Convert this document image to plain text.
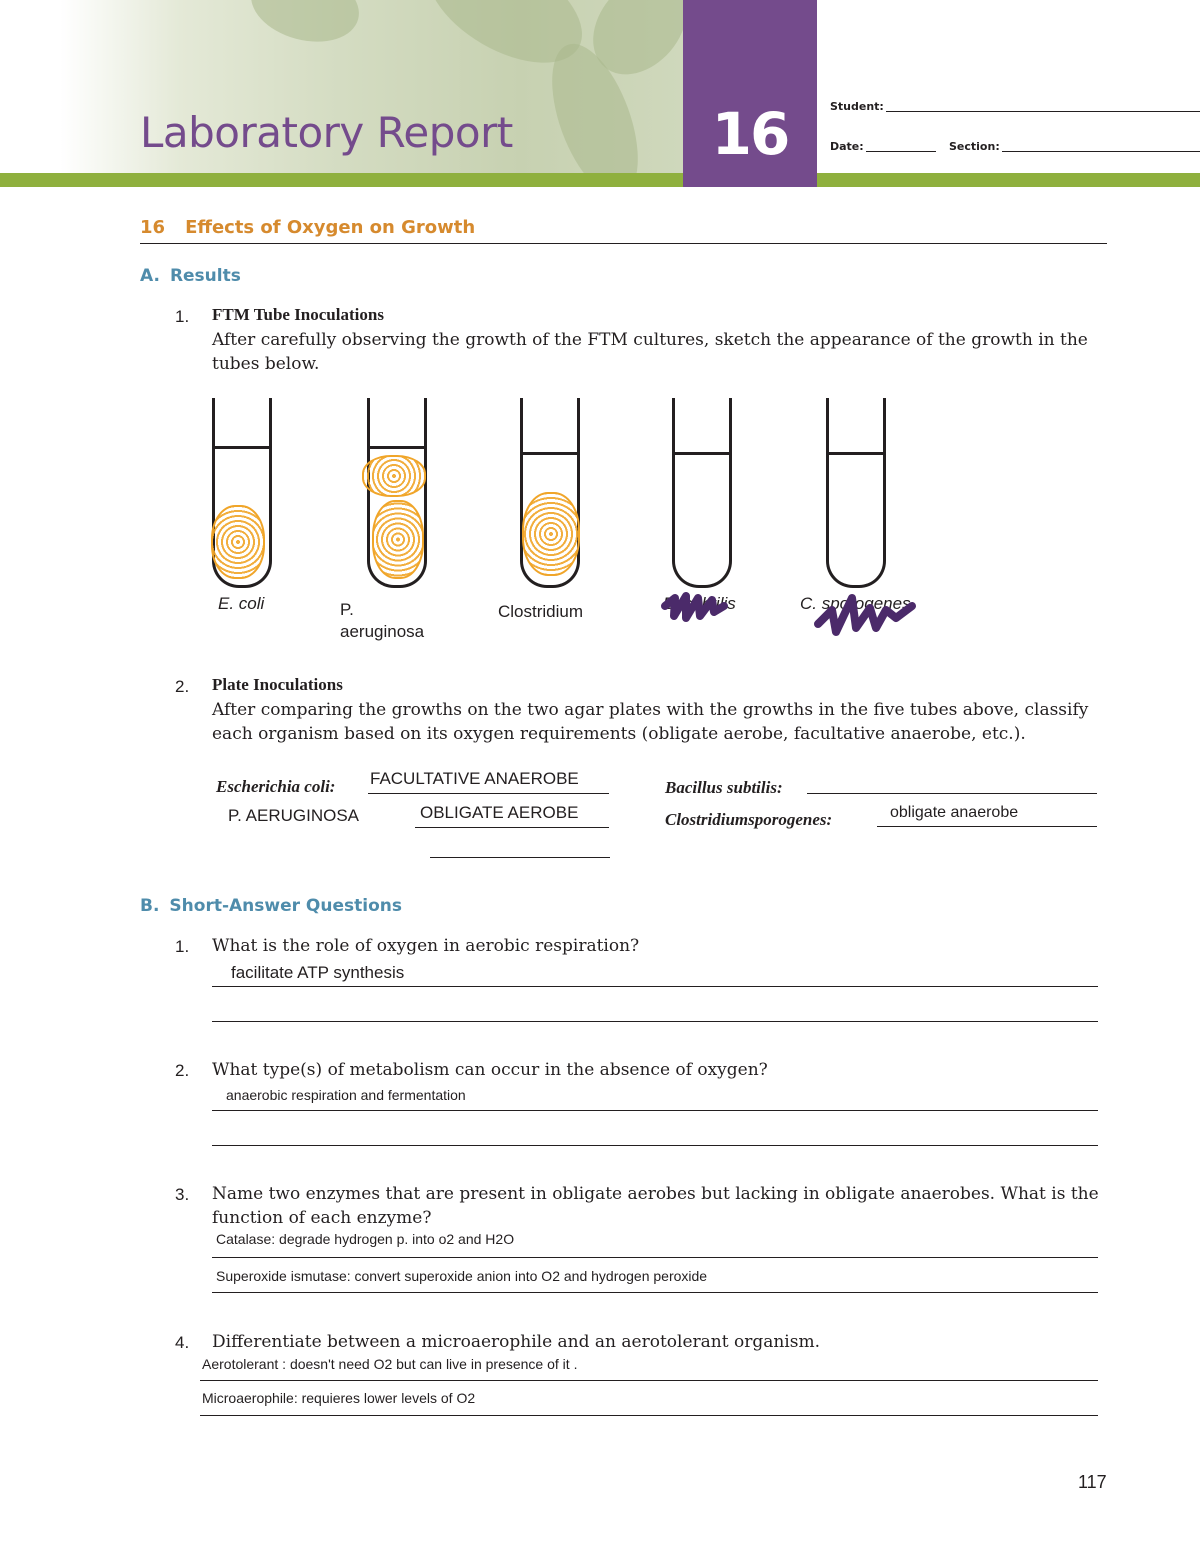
16
Laboratory Report
Student:
Date:	Section:
16 Effects of Oxygen on Growth
A. Results
1. FTM Tube Inoculations
After carefully observing the growth of the FTM cultures, sketch the appearance of the growth in the tubes below.
E. coli	P.
aeruginosa
Clostridium	B. subtilis	C. sporogenes
2. Plate Inoculations
After comparing the growths on the two agar plates with the growths in the five tubes above, classify each organism based on its oxygen requirements (obligate aerobe, facultative anaerobe, etc.).
Escherichia coli: FACULTATIVE ANAEROBE
P. AERUGINOSA	OBLIGATE AEROBE
Bacillus subtilis:
Clostridiumsporogenes:	obligate anaerobe
B. Short-Answer Questions
1. What is the role of oxygen in aerobic respiration?
facilitate ATP synthesis
2. What type(s) of metabolism can occur in the absence of oxygen?
anaerobic respiration and fermentation
3. Name two enzymes that are present in obligate aerobes but lacking in obligate anaerobes. What is the function of each enzyme?
Catalase: degrade hydrogen p. into o2 and H2O
Superoxide ismutase: convert superoxide anion into O2 and hydrogen peroxide
4. Differentiate between a microaerophile and an aerotolerant organism.
Aerotolerant : doesn't need O2 but can live in presence of it .
Microaerophile: requieres lower levels of O2
117
